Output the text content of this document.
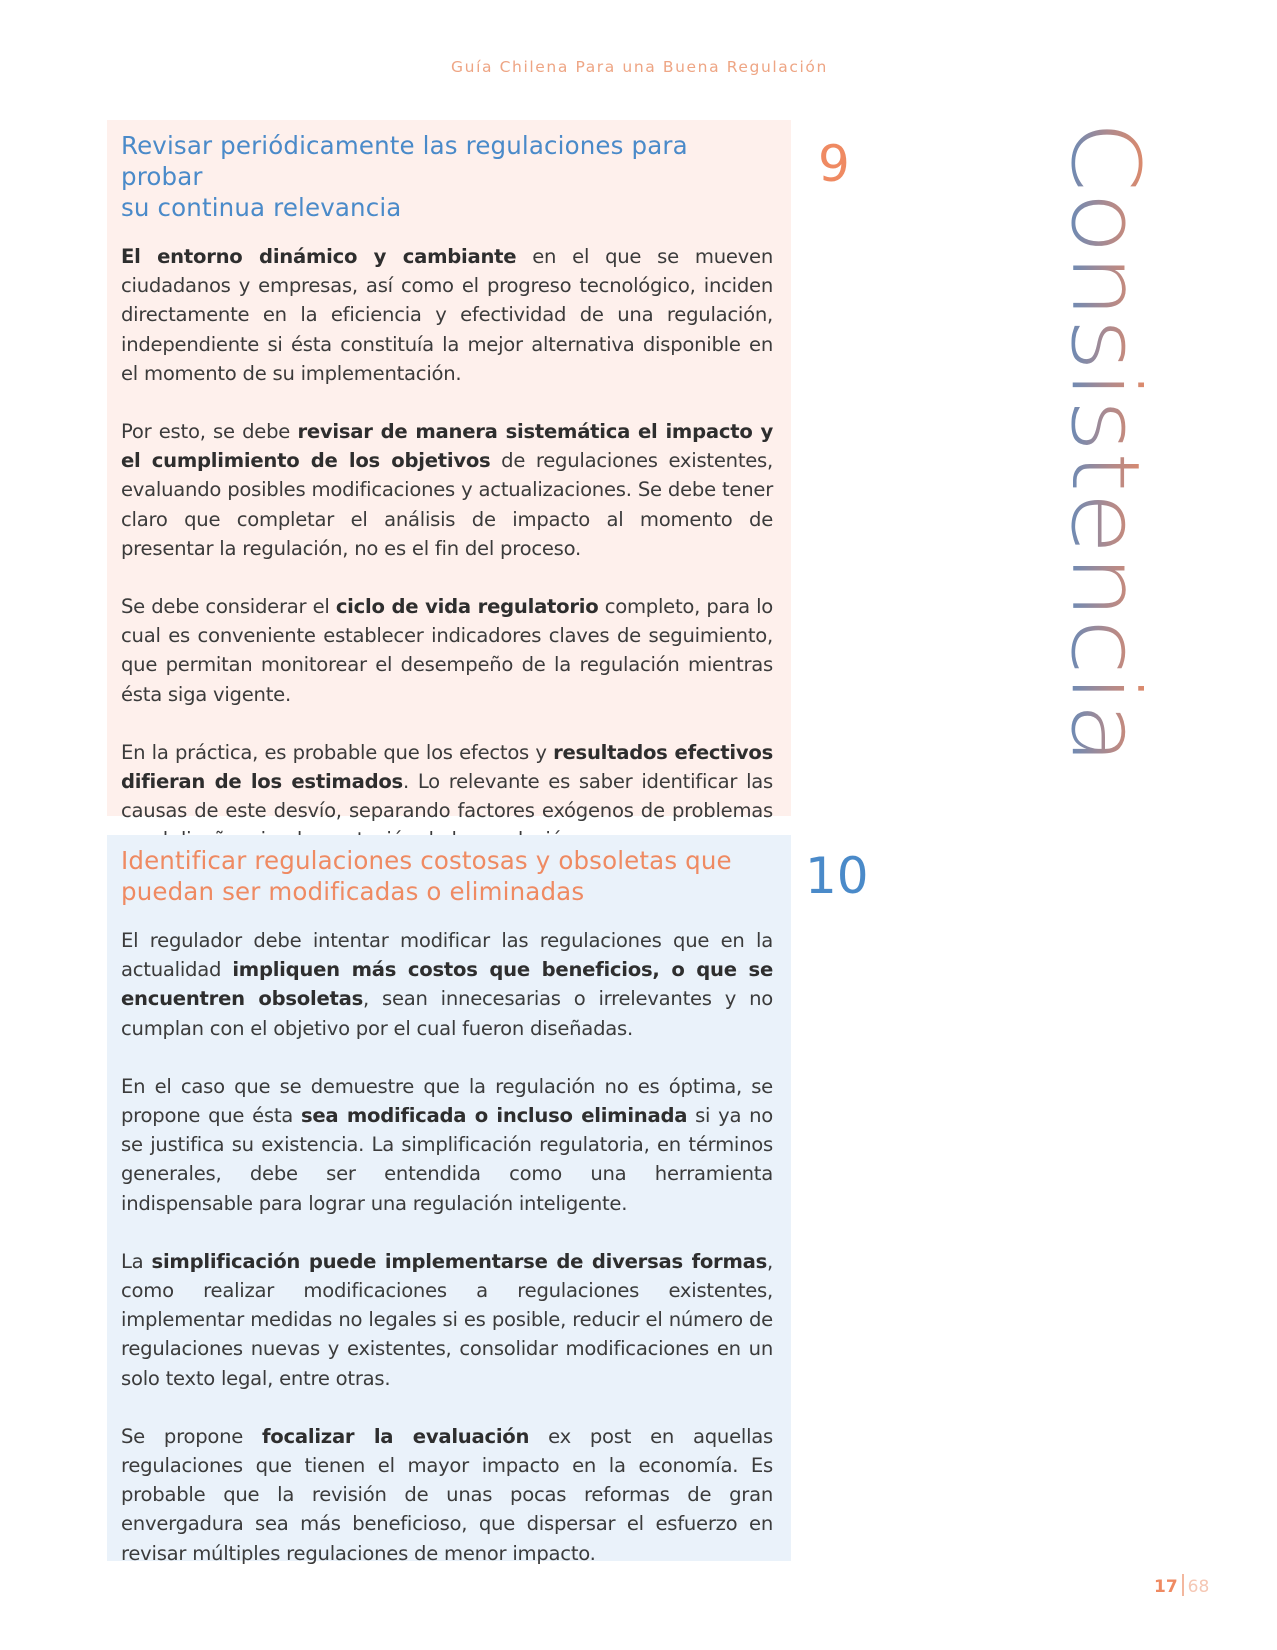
Guía Chilena Para una Buena Regulación
Revisar periódicamente las regulaciones para probar
su continua relevancia

El entorno dinámico y cambiante en el que se mueven ciudadanos y empresas, así como el progreso tecnológico, inciden directamente en la eficiencia y efectividad de una regulación, independiente si ésta constituía la mejor alternativa disponible en el momento de su implementación.

Por esto, se debe revisar de manera sistemática el impacto y el cumplimiento de los objetivos de regulaciones existentes, evaluando posibles modificaciones y actualizaciones. Se debe tener claro que completar el análisis de impacto al momento de presentar la regulación, no es el fin del proceso.

Se debe considerar el ciclo de vida regulatorio completo, para lo cual es conveniente establecer indicadores claves de seguimiento, que permitan monitorear el desempeño de la regulación mientras ésta siga vigente.

En la práctica, es probable que los efectos y resultados efectivos difieran de los estimados. Lo relevante es saber identificar las causas de este desvío, separando factores exógenos de problemas

9
Identificar regulaciones costosas y obsoletas que
puedan ser modificadas o eliminadas

El regulador debe intentar modificar las regulaciones que en la actualidad impliquen más costos que beneficios, o que se encuentren obsoletas, sean innecesarias o irrelevantes y no cumplan con el objetivo por el cual fueron diseñadas.

En el caso que se demuestre que la regulación no es óptima, se propone que ésta sea modificada o incluso eliminada si ya no se justifica su existencia. La simplificación regulatoria, en términos generales, debe ser entendida como una herramienta indispensable para lograr una regulación inteligente.

La simplificación puede implementarse de diversas formas, como realizar modificaciones a regulaciones existentes, implementar medidas no legales si es posible, reducir el número de regulaciones nuevas y existentes, consolidar modificaciones en un solo texto legal, entre otras.

Se propone focalizar la evaluación ex post en aquellas regulaciones que tienen el mayor impacto en la economía. Es probable que la revisión de unas pocas reformas de gran envergadura sea más beneficioso, que dispersar el esfuerzo en revisar múltiples regulaciones de menor impacto.

10
Consistencia
17 68
